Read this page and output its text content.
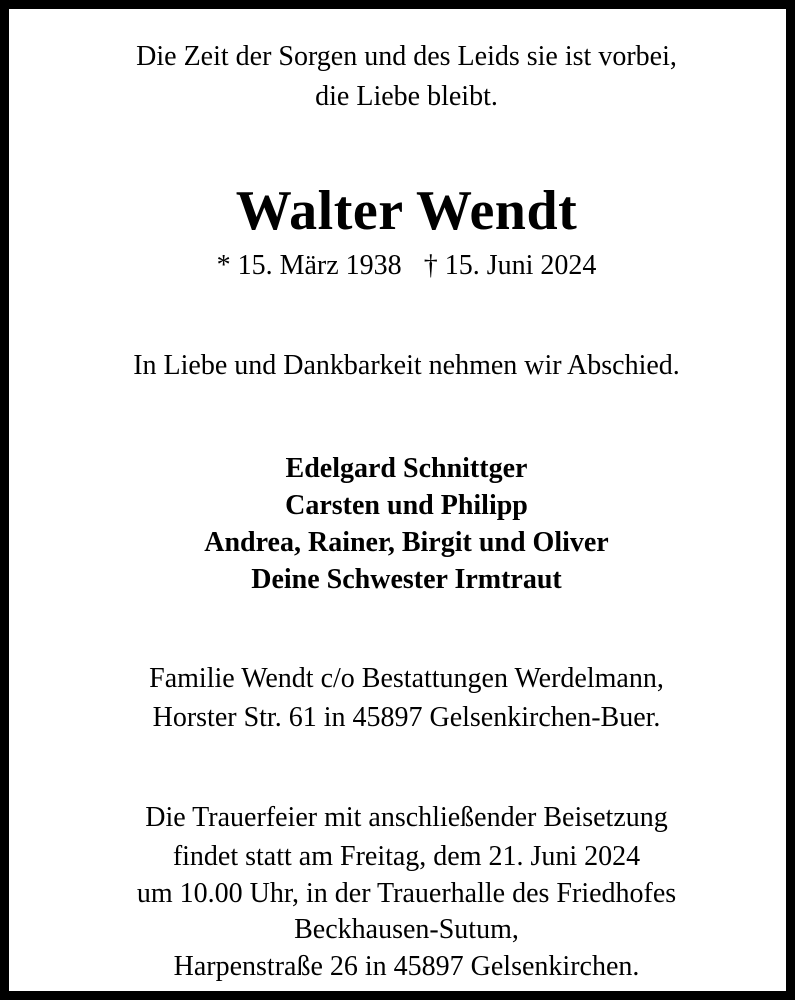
Die Zeit der Sorgen und des Leids sie ist vorbei,

die Liebe bleibt.

Walter Wendt

* 15. März 1938 † 15. Juni 2024

In Liebe und Dankbarkeit nehmen wir Abschied.

Edelgard Schnittger

Carsten und Philipp

Andrea, Rainer, Birgit und Oliver

Deine Schwester Irmtraut

Familie Wendt c/o Bestattungen Werdelmann,

Horster Str. 61 in 45897 Gelsenkirchen-Buer.

Die Trauerfeier mit anschließender Beisetzung

findet statt am Freitag, dem 21. Juni 2024

um 10.00 Uhr, in der Trauerhalle des Friedhofes

Beckhausen-Sutum,

Harpenstraße 26 in 45897 Gelsenkirchen.
